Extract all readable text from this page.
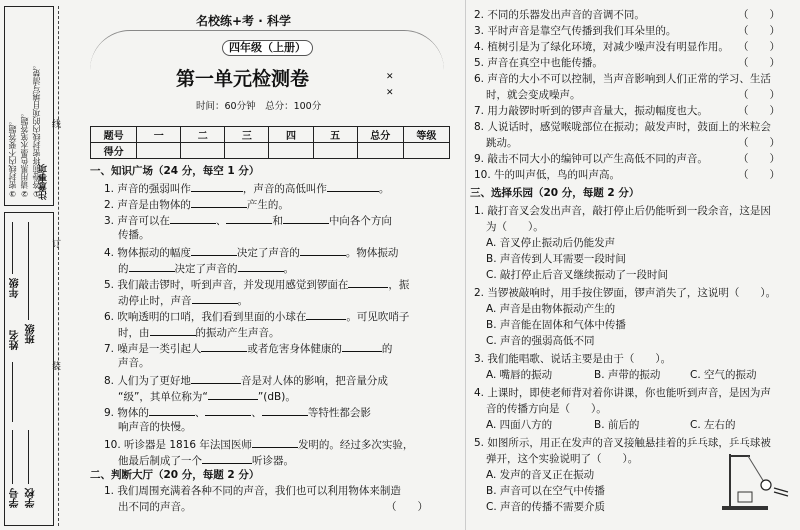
③密封线内不要答题。 ②请用黑色墨水笔答题。 ①答卷前将密封线内的项目填写清楚。
注意事项
线
订
装
年级
班级
姓名
学校
学号
名校练+考 · 科学
四年级（上册）
第一单元检测卷	✕
✕
时间：60分钟　总分：100分
题号	一	二	三	四	五	总分	等级
得分							
一、知识广场（24 分，每空 1 分）
1. 声音的强弱叫作	，声音的高低叫作	。
2. 声音是由物体的	产生的。
3. 声音可以在	、	和	中向各个方向
传播。
4. 物体振动的幅度	决定了声音的	。物体振动
的	决定了声音的	。
5. 我们敲击锣时，听到声音，并发现用感觉到锣面在	，振
动停止时，声音	。
6. 吹响透明的口哨，我们看到里面的小球在	。可见吹哨子
时，由	的振动产生声音。
7. 噪声是一类引起人	或者危害身体健康的	的
声音。
8. 人们为了更好地	音是对人体的影响，把音量分成
“级”，其单位称为“	”(dB)。
9. 物体的	、	、	等特性都会影
响声音的快慢。
10. 听诊器是 1816 年法国医师	发明的。经过多次实验，
他最后制成了一个	听诊器。
二、判断大厅（20 分，每题 2 分）
1. 我们周围充满着各种不同的声音，我们也可以利用物体来制造
出不同的声音。	（　　）
2. 不同的乐器发出声音的音调不同。	（　　）
3. 平时声音是靠空气传播到我们耳朵里的。	（　　）
4. 植树引是为了绿化环境，对减少噪声没有明显作用。 （　　）
5. 声音在真空中也能传播。	（　　）
6. 声音的大小不可以控制，当声音影响到人们正常的学习、生活
时，就会变成噪声。	（　　）
7. 用力敲锣时听到的锣声音量大，振动幅度也大。	（　　）
8. 人说话时，感觉喉咙部位在振动；敲发声时，鼓面上的米粒会
跳动。	（　　）
9. 敲击不同大小的编钟可以产生高低不同的声音。	（　　）
10. 牛的叫声低，鸟的叫声高。	（　　）
三、选择乐园（20 分，每题 2 分）
1. 敲打音叉会发出声音，敲打停止后仍能听到一段余音，这是因
为（　　）。
A. 音叉停止振动后仍能发声
B. 声音传到人耳需要一段时间
C. 敲打停止后音叉继续振动了一段时间
2. 当锣被敲响时，用手按住锣面，锣声消失了，这说明（　　）。
A. 声音是由物体振动产生的
B. 声音能在固体和气体中传播
C. 声音的强弱高低不同
3. 我们能唱歌、说话主要是由于（　　）。
A. 嘴唇的振动	B. 声带的振动	C. 空气的振动
4. 上课时，即使老师背对着你讲课，你也能听到声音，是因为声
音的传播方向是（　　）。
A. 四面八方的	B. 前后的	C. 左右的
5. 如图所示，用正在发声的音叉接触悬挂着的乒乓球，乒乓球被
弹开，这个实验说明了（　　）。
A. 发声的音叉正在振动
B. 声音可以在空气中传播
C. 声音的传播不需要介质
